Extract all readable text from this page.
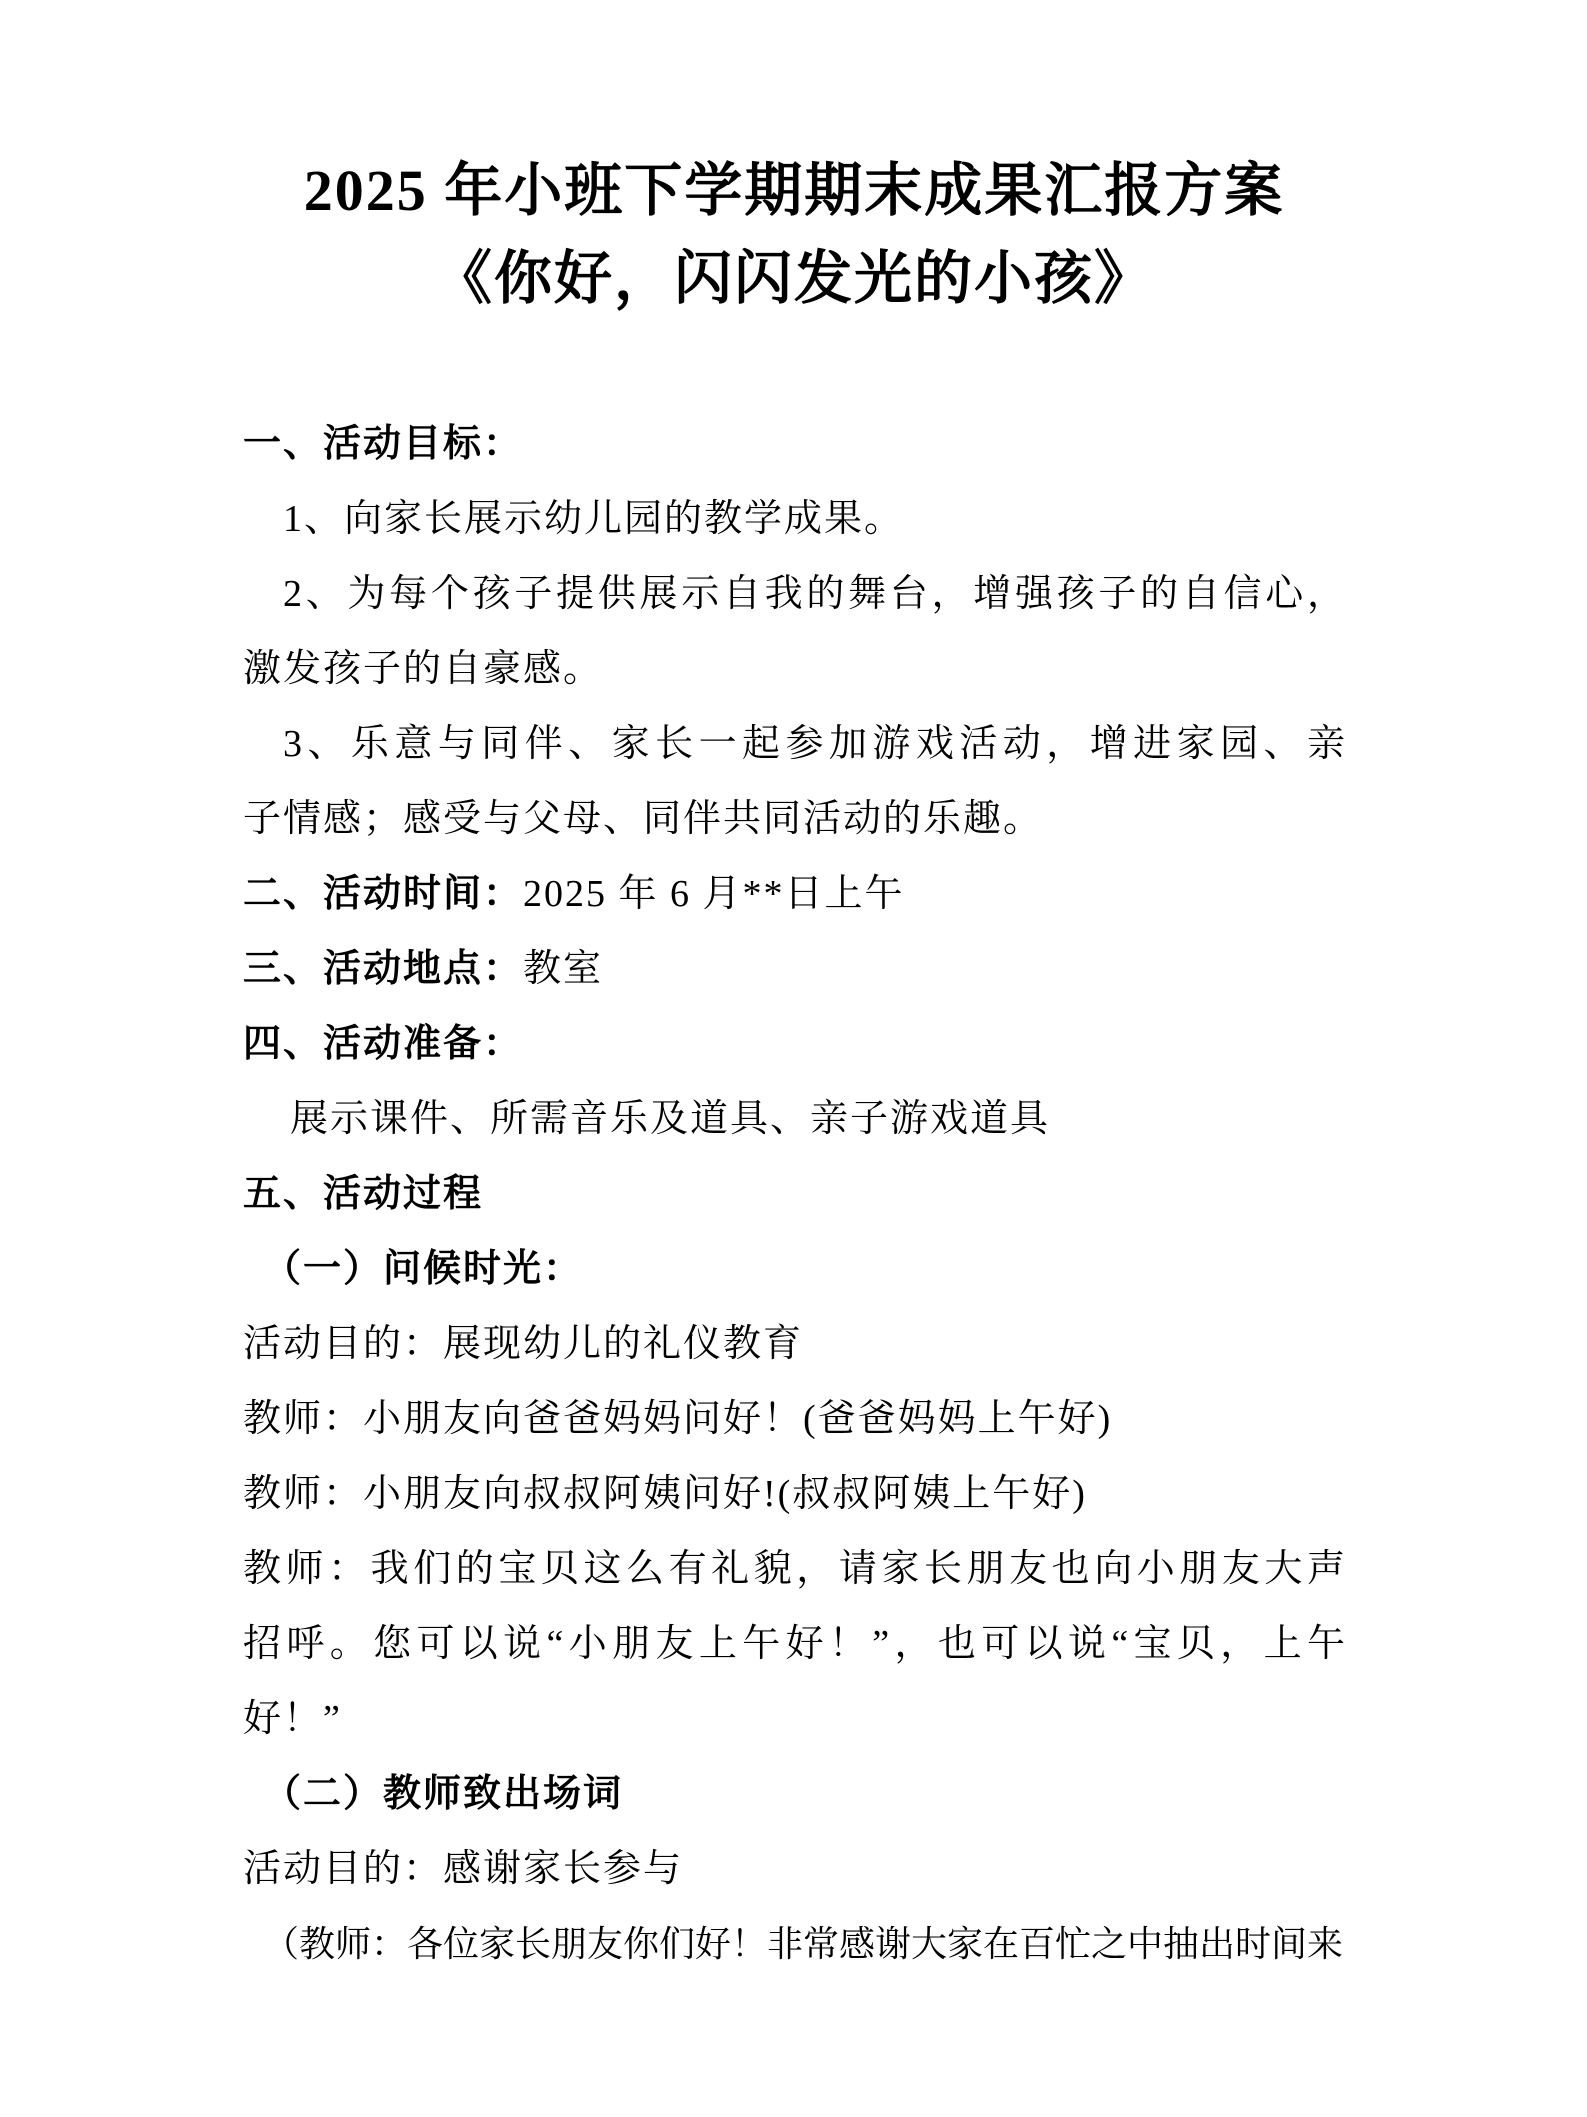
2025 年小班下学期期末成果汇报方案
《你好，闪闪发光的小孩》
一、活动目标：
1、向家长展示幼儿园的教学成果。
2、为每个孩子提供展示自我的舞台，增强孩子的自信心，
激发孩子的自豪感。
3、乐意与同伴、家长一起参加游戏活动，增进家园、亲
子情感；感受与父母、同伴共同活动的乐趣。
二、活动时间：2025 年 6 月**日上午
三、活动地点：教室
四、活动准备：
展示课件、所需音乐及道具、亲子游戏道具
五、活动过程
（一）问候时光：
活动目的：展现幼儿的礼仪教育
教师：小朋友向爸爸妈妈问好！(爸爸妈妈上午好)
教师：小朋友向叔叔阿姨问好!(叔叔阿姨上午好)
教师：我们的宝贝这么有礼貌，请家长朋友也向小朋友大声
招呼。您可以说“小朋友上午好！”，也可以说“宝贝，上午
好！”
（二）教师致出场词
活动目的：感谢家长参与
（教师：各位家长朋友你们好！非常感谢大家在百忙之中抽出时间来
